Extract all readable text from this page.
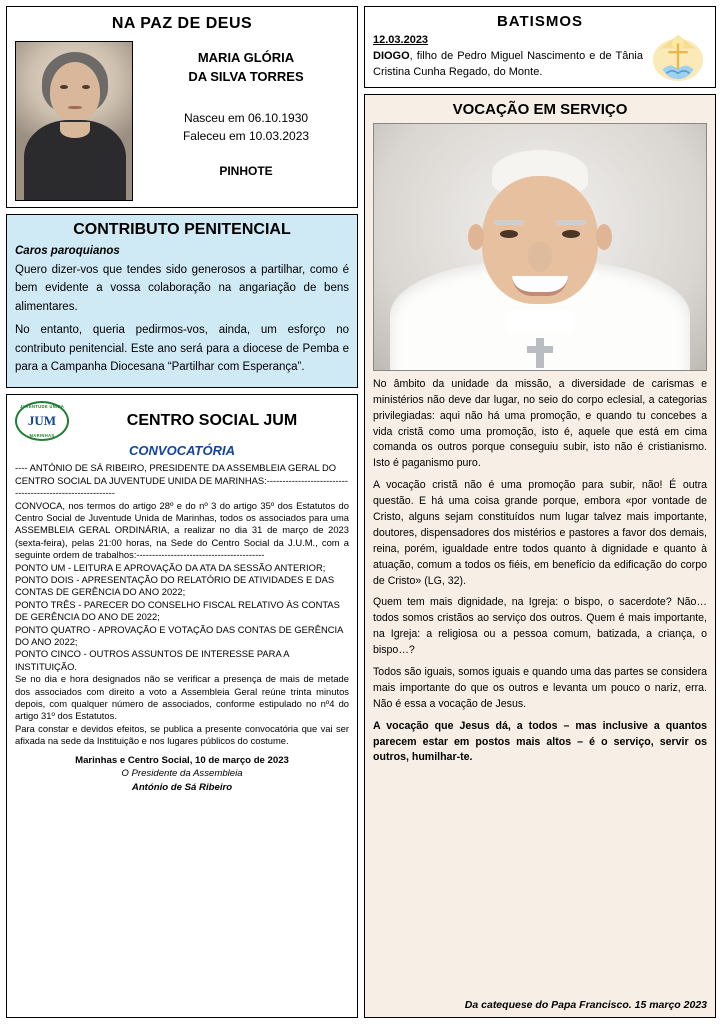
NA PAZ DE DEUS
MARIA GLÓRIA
DA SILVA TORRES
Nasceu em 06.10.1930
Faleceu em 10.03.2023
PINHOTE
CONTRIBUTO PENITENCIAL
Caros paroquianos

Quero dizer-vos que tendes sido generosos a partilhar, como é bem evidente a vossa colaboração na angariação de bens alimentares.

No entanto, queria pedirmos-vos, ainda, um esforço no contributo penitencial. Este ano será para a diocese de Pemba e para a Campanha Diocesana “Partilhar com Esperança”.

JUVENTUDE UNIDA
JUM
MARINHAS
CENTRO SOCIAL JUM
CONVOCATÓRIA

---- ANTÓNIO DE SÁ RIBEIRO, PRESIDENTE DA ASSEMBLEIA GERAL DO CENTRO SOCIAL DA JUVENTUDE UNIDA DE MARINHAS:----------------------------------------------------------

CONVOCA, nos termos do artigo 28º e do nº 3 do artigo 35º dos Estatutos do Centro Social de Juventude Unida de Marinhas, todos os associados para uma ASSEMBLEIA GERAL ORDINÁRIA, a realizar no dia 31 de março de 2023 (sexta-feira), pelas 21:00 horas, na Sede do Centro Social da J.U.M., com a seguinte ordem de trabalhos:-----------------------------------------

PONTO UM - LEITURA E APROVAÇÃO DA ATA DA SESSÃO ANTERIOR;

PONTO DOIS - APRESENTAÇÃO DO RELATÓRIO DE ATIVIDADES E DAS CONTAS DE GERÊNCIA DO ANO 2022;

PONTO TRÊS - PARECER DO CONSELHO FISCAL RELATIVO ÀS CONTAS DE GERÊNCIA DO ANO DE 2022;

PONTO QUATRO - APROVAÇÃO E VOTAÇÃO DAS CONTAS DE GERÊNCIA DO ANO 2022;

PONTO CINCO - OUTROS ASSUNTOS DE INTERESSE PARA A INSTITUIÇÃO.

Se no dia e hora designados não se verificar a presença de mais de metade dos associados com direito a voto a Assembleia Geral reúne trinta minutos depois, com qualquer número de associados, conforme estipulado no nº4 do artigo 31º dos Estatutos.

Para constar e devidos efeitos, se publica a presente convocatória que vai ser afixada na sede da Instituição e nos lugares públicos do costume.

Marinhas e Centro Social, 10 de março de 2023
O Presidente da Assembleia
António de Sá Ribeiro
BATISMOS
12.03.2023

DIOGO, filho de Pedro Miguel Nascimento e de Tânia Cristina Cunha Regado, do Monte.

VOCAÇÃO EM SERVIÇO

No âmbito da unidade da missão, a diversidade de carismas e ministérios não deve dar lugar, no seio do corpo eclesial, a categorias privilegiadas: aqui não há uma promoção, e quando tu concebes a vida cristã como uma promoção, isto é, aquele que está em cima comanda os outros porque conseguiu subir, isto não é cristianismo. Isto é paganismo puro.

A vocação cristã não é uma promoção para subir, não! É outra questão. E há uma coisa grande porque, embora «por vontade de Cristo, alguns sejam constituídos num lugar talvez mais importante, doutores, dispensadores dos mistérios e pastores a favor dos demais, reina, porém, igualdade entre todos quanto à dignidade e quanto à atuação, comum a todos os fiéis, em benefício da edificação do corpo de Cristo» (LG, 32).

Quem tem mais dignidade, na Igreja: o bispo, o sacerdote? Não… todos somos cristãos ao serviço dos outros. Quem é mais importante, na Igreja: a religiosa ou a pessoa comum, batizada, a criança, o bispo…?

Todos são iguais, somos iguais e quando uma das partes se considera mais importante do que os outros e levanta um pouco o nariz, erra. Não é essa a vocação de Jesus.

A vocação que Jesus dá, a todos – mas inclusive a quantos parecem estar em postos mais altos – é o serviço, servir os outros, humilhar-te.

Da catequese do Papa Francisco. 15 março 2023
